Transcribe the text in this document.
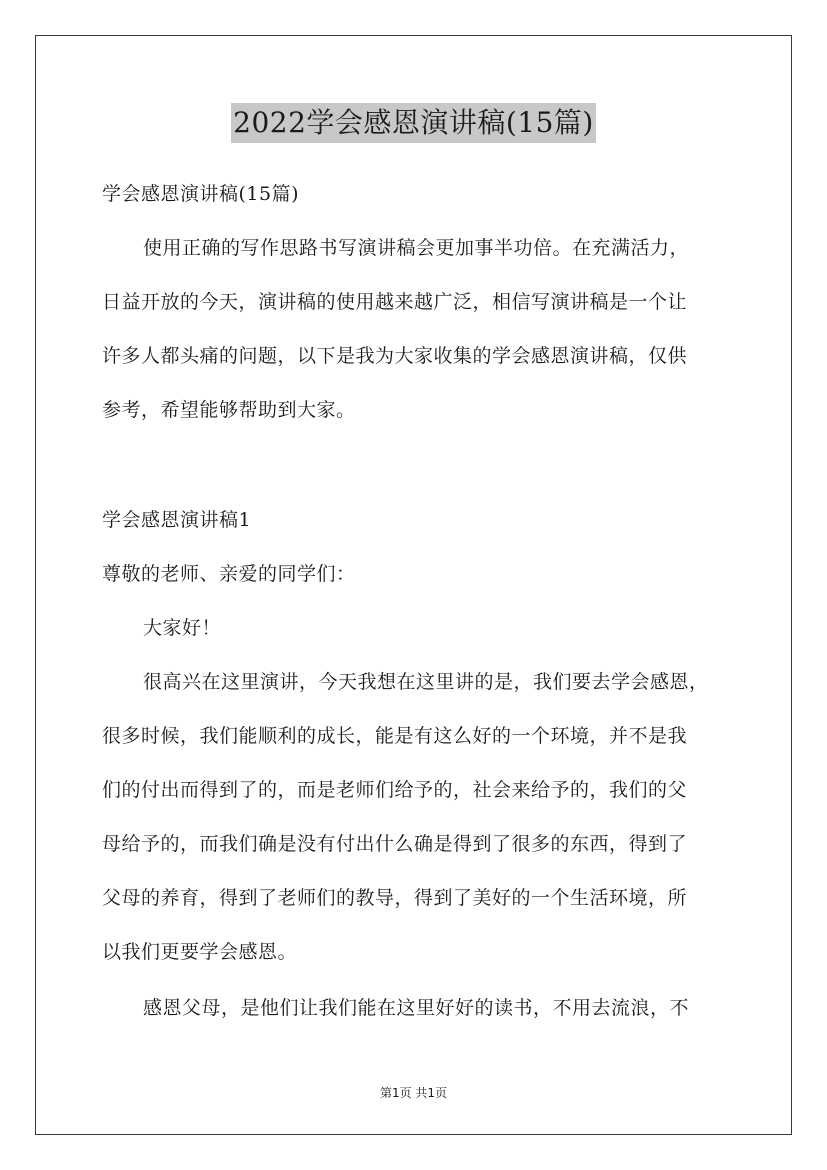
2022学会感恩演讲稿(15篇)
学会感恩演讲稿(15篇)
使用正确的写作思路书写演讲稿会更加事半功倍。在充满活力，
日益开放的今天，演讲稿的使用越来越广泛，相信写演讲稿是一个让
许多人都头痛的问题，以下是我为大家收集的学会感恩演讲稿，仅供
参考，希望能够帮助到大家。
学会感恩演讲稿1
尊敬的老师、亲爱的同学们：
大家好！
很高兴在这里演讲，今天我想在这里讲的是，我们要去学会感恩，
很多时候，我们能顺利的成长，能是有这么好的一个环境，并不是我
们的付出而得到了的，而是老师们给予的，社会来给予的，我们的父
母给予的，而我们确是没有付出什么确是得到了很多的东西，得到了
父母的养育，得到了老师们的教导，得到了美好的一个生活环境，所
以我们更要学会感恩。
感恩父母，是他们让我们能在这里好好的读书，不用去流浪，不
第1页 共1页
